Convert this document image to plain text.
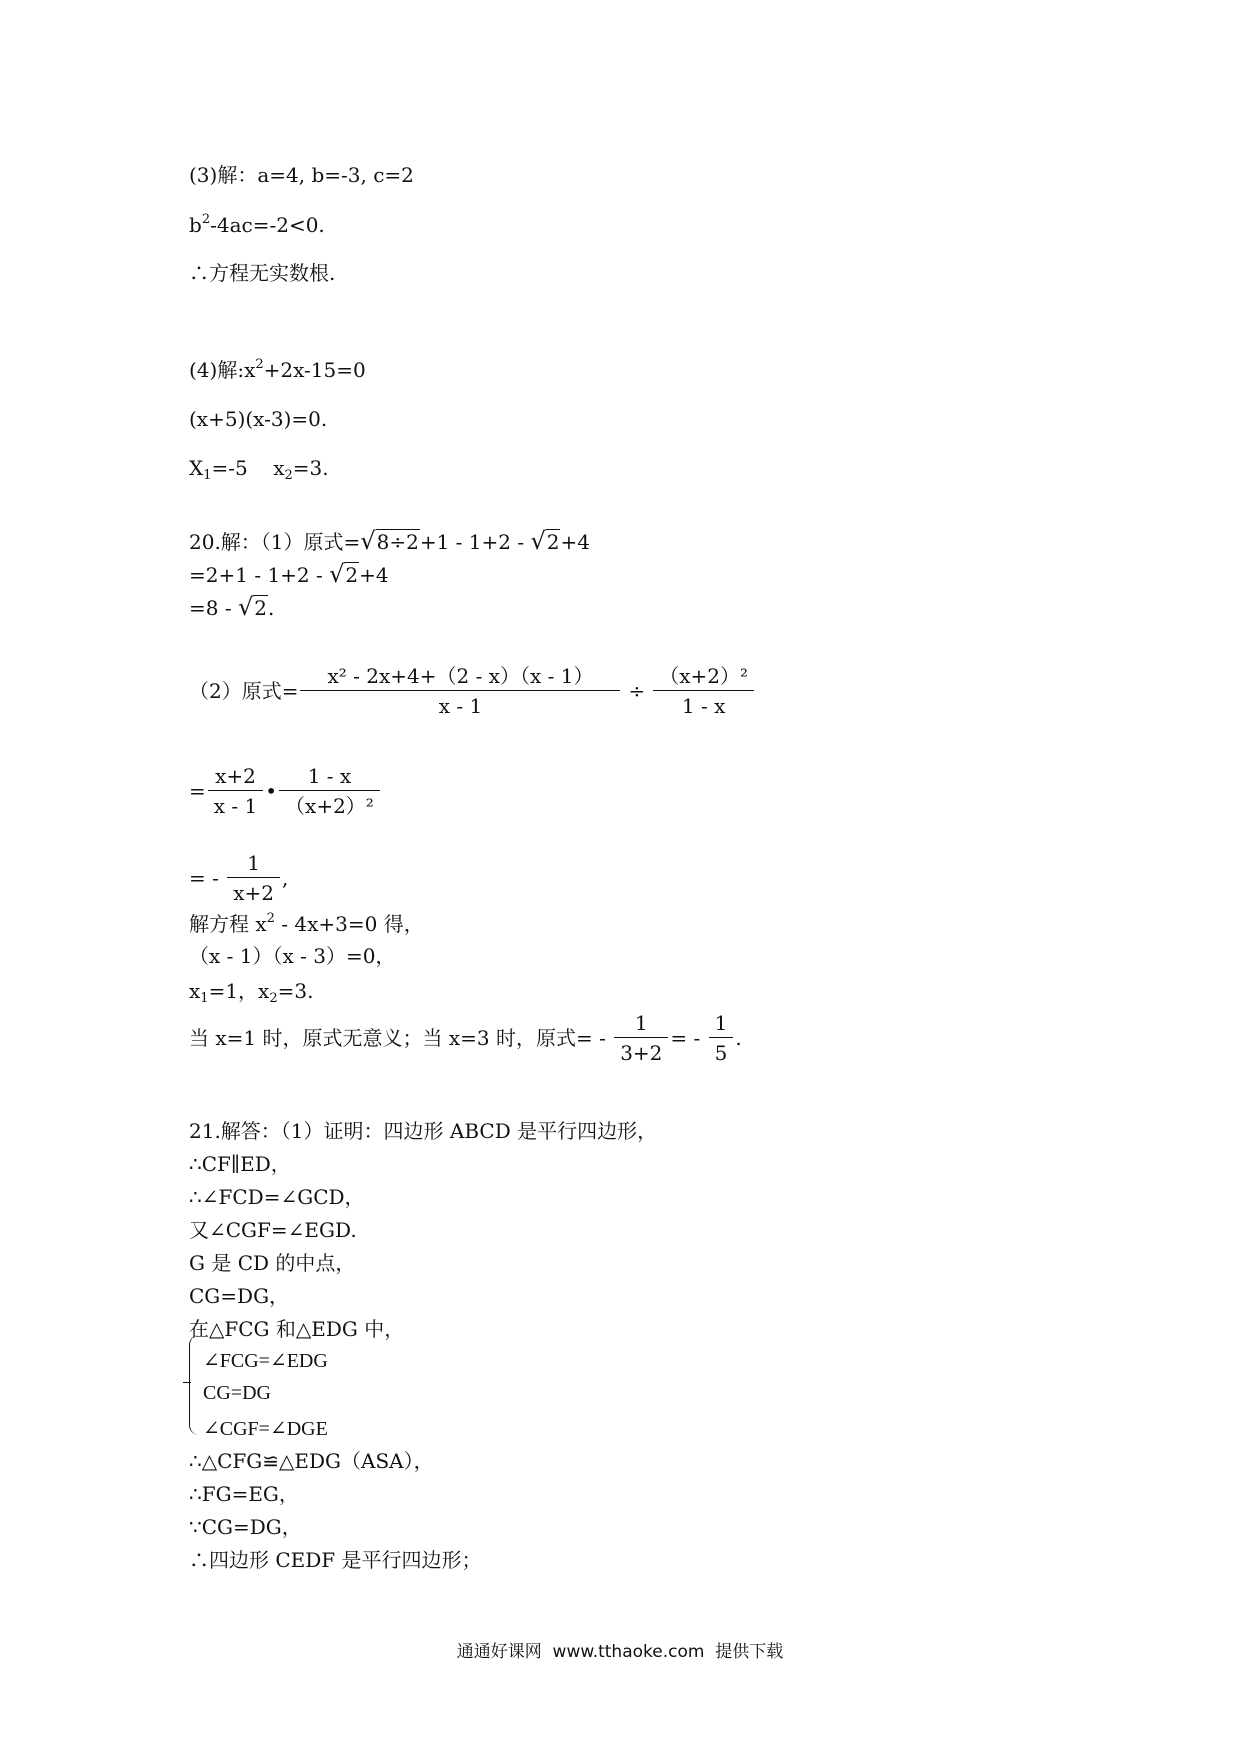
(3)解：a=4, b=-3, c=2
$b^2-4ac=-2<0$.
∴方程无实数根.
(4)解$:x^2+2x-15=0$
(x+5)(x-3)=0.
$X_1=-5$    $x_2=3$.
20.解：（1）原式=√8÷2+1 - 1+2 - √2+4
=2+1 - 1+2 - √2+4
=8 - √2.
（2）原式= $\frac{\text{x² - 2x+4+（2 - x）（x - 1）}}{x - 1} \div \frac{\text{（x+2）²}}{1 - x}$
= $\frac{x+2}{x - 1}$ • $\frac{1 - x}{\text{（x+2）²}}$
= - $\frac{1}{x+2}$ ,
解方程 $x^2 - 4x+3=0$ 得，
（x - 1）（x - 3）=0，
$x_1=1$，$x_2=3$.
当 x=1 时，原式无意义；当 x=3 时，原式= - $\frac{1}{3+2}$ = - $\frac{1}{5}$ .
21.解答：（1）证明：四边形 ABCD 是平行四边形，
∴CF∥ED，
∴∠FCD=∠GCD，
又∠CGF=∠EGD.
G 是 CD 的中点，
CG=DG，
在△FCG 和△EDG 中，
∠FCG=∠EDG
CG=DG
∠CGF=∠DGE
∴△CFG≌△EDG（ASA），
∴FG=EG，
∵CG=DG，
∴四边形 CEDF 是平行四边形；
通通好课网  www.tthaoke.com  提供下载
